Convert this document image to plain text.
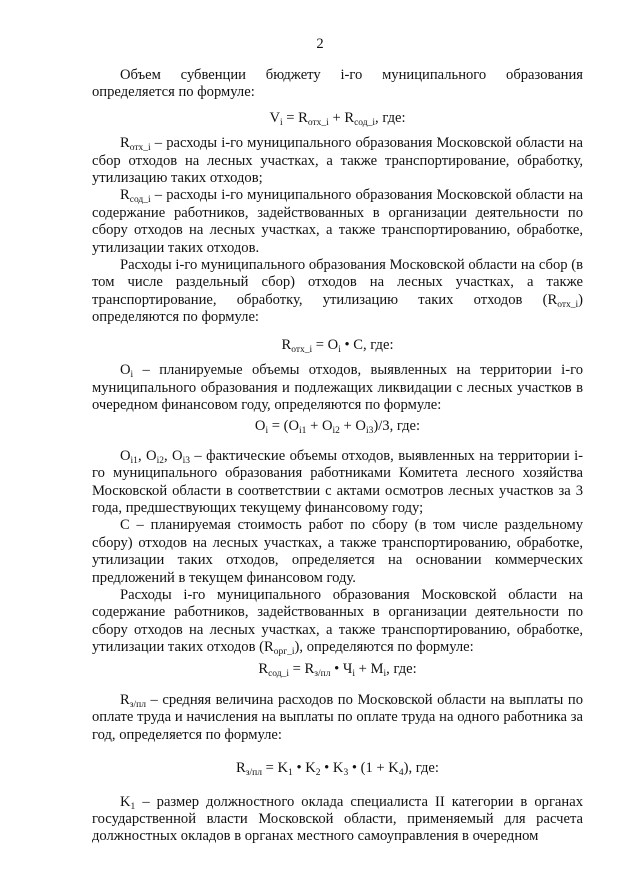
2

Объем субвенции бюджету i-го муниципального образования определяется по формуле:

$V_i = R_{отх\_i} + R_{сод\_i}$, где:

$R_{отх\_i}$ – расходы i-го муниципального образования Московской области на сбор отходов на лесных участках, а также транспортирование, обработку, утилизацию таких отходов;

$R_{сод\_i}$ – расходы i-го муниципального образования Московской области на содержание работников, задействованных в организации деятельности по сбору отходов на лесных участках, а также транспортированию, обработке, утилизации таких отходов.

Расходы i-го муниципального образования Московской области на сбор (в том числе раздельный сбор) отходов на лесных участках, а также транспортирование, обработку, утилизацию таких отходов $(R_{отх\_i})$ определяются по формуле:

$R_{отх\_i} = O_i$ • C, где:

$O_i$ – планируемые объемы отходов, выявленных на территории i-го муниципального образования и подлежащих ликвидации с лесных участков в очередном финансовом году, определяются по формуле:

$O_i = (O_{i1} + O_{i2} + O_{i3})/3$, где:

$O_{i1}$, $O_{i2}$, $O_{i3}$ – фактические объемы отходов, выявленных на территории i-го муниципального образования работниками Комитета лесного хозяйства Московской области в соответствии с актами осмотров лесных участков за 3 года, предшествующих текущему финансовому году;

C – планируемая стоимость работ по сбору (в том числе раздельному сбору) отходов на лесных участках, а также транспортированию, обработке, утилизации таких отходов, определяется на основании коммерческих предложений в текущем финансовом году.

Расходы i-го муниципального образования Московской области на содержание работников, задействованных в организации деятельности по сбору отходов на лесных участках, а также транспортированию, обработке, утилизации таких отходов $(R_{орг\_i})$, определяются по формуле:

$R_{сод\_i} = R_{з/пл}$ • $Ч_i + M_i$, где:

$R_{з/пл}$ – средняя величина расходов по Московской области на выплаты по оплате труда и начисления на выплаты по оплате труда на одного работника за год, определяется по формуле:

$R_{з/пл} = K_1$ • $K_2$ • $K_3$ • $(1 + K_4)$, где:

$K_1$ – размер должностного оклада специалиста II категории в органах государственной власти Московской области, применяемый для расчета должностных окладов в органах местного самоуправления в очередном
